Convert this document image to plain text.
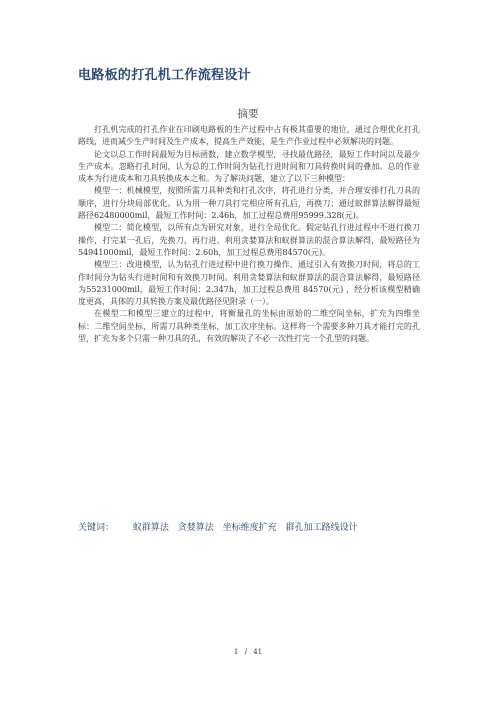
电路板的打孔机工作流程设计
摘要

打孔机完成的打孔作业在印刷电路板的生产过程中占有极其重要的地位，通过合理优化打孔路线，进而减少生产时间及生产成本，提高生产效能，是生产作业过程中必须解决的问题。

论文以总工作时间最短为目标函数，建立数学模型，寻找最优路径，最短工作时间以及最少生产成本。忽略打孔时间，认为总的工作时间为钻孔行进时间和刀具转换时间的叠加。总的作业成本为行进成本和刀具转换成本之和。为了解决问题，建立了以下三种模型：

模型一：机械模型，按照所需刀具种类和打孔次序，将孔进行分类，并合理安排打孔刀具的顺序，进行分块局部优化。认为用一种刀具打完相应所有孔后，再换刀；通过蚁群算法解得最短路径62480000mil，最短工作时间：2.46h，加工过程总费用95999.328(元)。

模型二：简化模型，以所有点为研究对象，进行全局优化。假定钻孔行进过程中不进行换刀操作，打完某一孔后，先换刀，再行进。利用贪婪算法和蚁群算法的混合算法解得，最短路径为 54941000mil，最短工作时间：2.60h，加工过程总费用84570(元)。

模型三：改进模型，认为钻孔行进过程中进行换刀操作，通过引入有效换刀时间，将总的工作时间分为钻头行进时间和有效换刀时间。利用贪婪算法和蚁群算法的混合算法解得，最短路径为55231000mil，最短工作时间：2.347h，加工过程总费用 84570(元) ，经分析该模型精确度更高，具体的刀具转换方案及最优路径见附录（一）。

在模型二和模型三建立的过程中，将衡量孔的坐标由原始的二维空间坐标，扩充为四维坐标：二维空间坐标，所需刀具种类坐标，加工次序坐标。这样将一个需要多种刀具才能打完的孔型，扩充为多个只需一种刀具的孔，有效的解决了不必一次性打完一个孔型的问题。

关键词： 蚁群算法 贪婪算法 坐标维度扩充 群孔加工路线设计
1 / 41
